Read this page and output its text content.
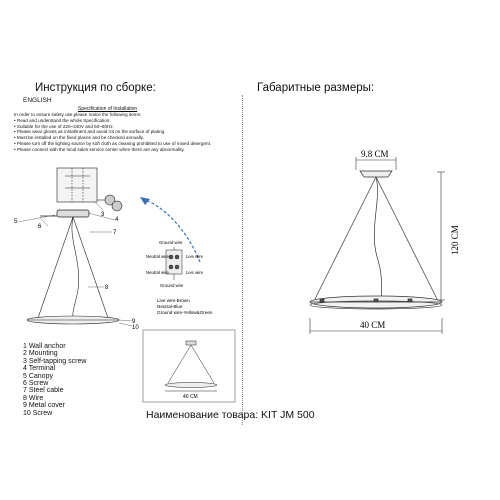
Инструкция по сборке:	Габаритные размеры:
ENGLISH
Specification of Installation
In order to ensure safety use,please notice the following items:
• Read and understand the whole Specification.
• Suitable for the use of 220~240V and 50~60Hz.
• Please wear gloves as installment and avoid rot on the surface of plating.
• Must be installed on the fixed places and be checked annually.
• Please turn off the lighting source by soft cloth as cleaning prohibited to use of mixed detergent.
• Please connect with the local sales service center when there are any abnormality.
5
6
3
4
7
8
9
10
Ground wire
Neutral wire	Live wire
Neutral wire	Live wire
Ground wire
Live wire-Brown
Neutral-Blue
Ground wire-Yellow&Green
40 CM
9.8 CM
120 CM
40 CM
1 Wall anchor
2 Mounting
3 Self-tapping screw
4 Terminal
5 Canopy
6 Screw
7 Steel cable
8 Wire
9 Metal cover
10 Screw	Наименование товара: KIT JM 500
